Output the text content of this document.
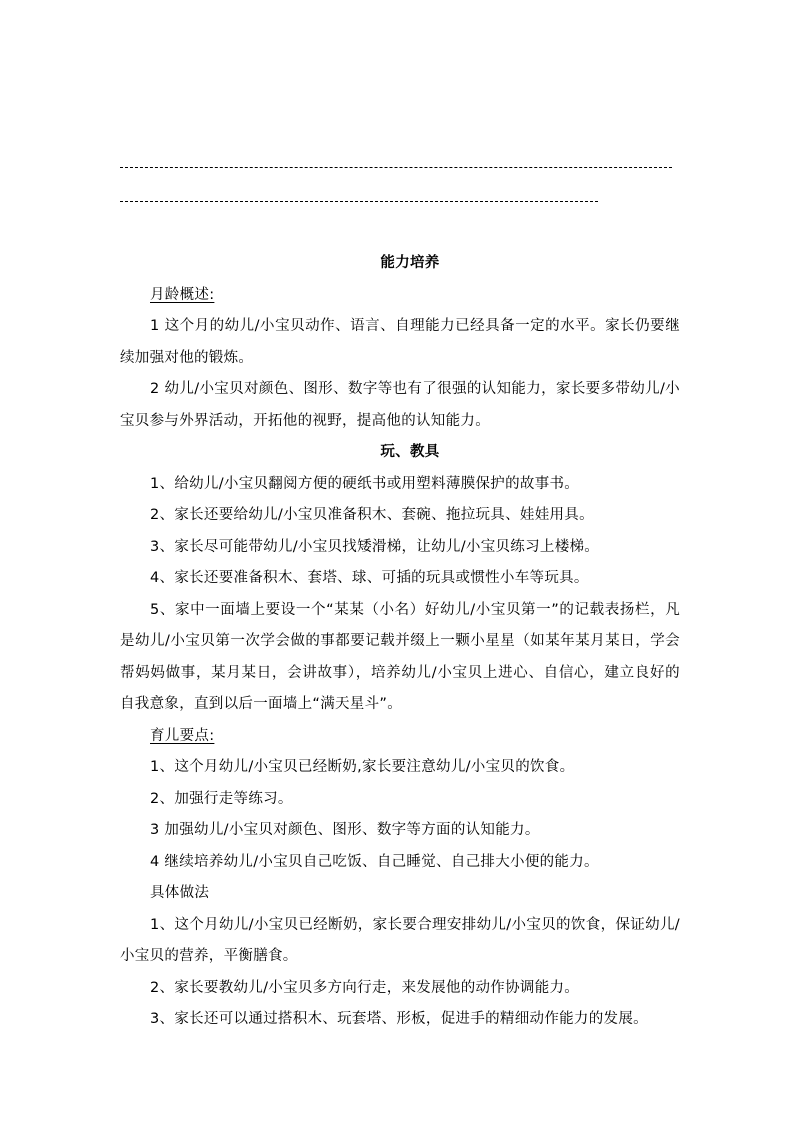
能力培养

月龄概述:

1 这个月的幼儿/小宝贝动作、语言、自理能力已经具备一定的水平。家长仍要继续加强对他的锻炼。

2 幼儿/小宝贝对颜色、图形、数字等也有了很强的认知能力，家长要多带幼儿/小宝贝参与外界活动，开拓他的视野，提高他的认知能力。

玩、教具

1、给幼儿/小宝贝翻阅方便的硬纸书或用塑料薄膜保护的故事书。

2、家长还要给幼儿/小宝贝准备积木、套碗、拖拉玩具、娃娃用具。

3、家长尽可能带幼儿/小宝贝找矮滑梯，让幼儿/小宝贝练习上楼梯。

4、家长还要准备积木、套塔、球、可插的玩具或惯性小车等玩具。

5、家中一面墙上要设一个“某某（小名）好幼儿/小宝贝第一”的记载表扬栏，凡是幼儿/小宝贝第一次学会做的事都要记载并缀上一颗小星星（如某年某月某日，学会帮妈妈做事，某月某日，会讲故事），培养幼儿/小宝贝上进心、自信心，建立良好的自我意象，直到以后一面墙上“满天星斗”。

育儿要点:

1、这个月幼儿/小宝贝已经断奶,家长要注意幼儿/小宝贝的饮食。

2、加强行走等练习。

3 加强幼儿/小宝贝对颜色、图形、数字等方面的认知能力。

4 继续培养幼儿/小宝贝自己吃饭、自己睡觉、自己排大小便的能力。

具体做法

1、这个月幼儿/小宝贝已经断奶，家长要合理安排幼儿/小宝贝的饮食，保证幼儿/小宝贝的营养，平衡膳食。

2、家长要教幼儿/小宝贝多方向行走，来发展他的动作协调能力。

3、家长还可以通过搭积木、玩套塔、形板，促进手的精细动作能力的发展。
